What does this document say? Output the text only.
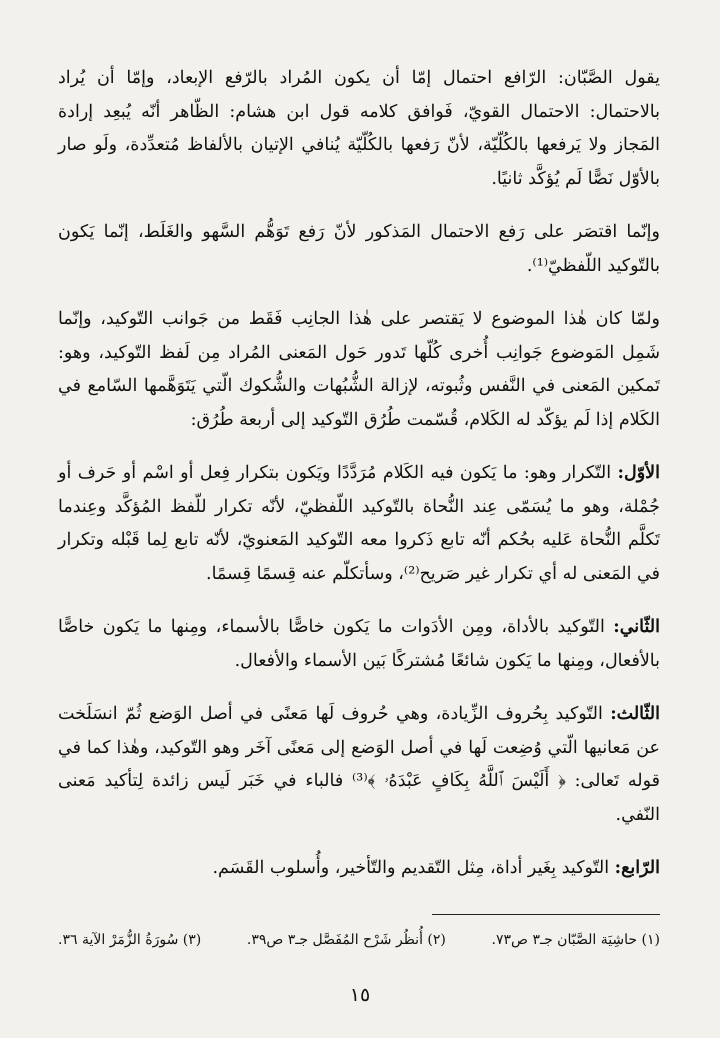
يقول الصَّبّان: الرّافع احتمال إمّا أن يكون المُراد بالرّفع الإبعاد، وإمّا أن يُراد بالاحتمال: الاحتمال القويّ، فَوافق كلامه قول ابن هشام: الظّاهر أنّه يُبعِد إرادة المَجاز ولا يَرفعها بالكُلّيّة، لأنّ رَفعها بالكُلّيّة يُنافي الإتيان بالألفاظ مُتعدِّدة، ولَو صار بالأوّل نَصًّا لَم يُؤكَّد ثانيًا.

وإنّما اقتصَر على رَفع الاحتمال المَذكور لأنّ رَفع تَوَهُّم السَّهو والغَلَط، إنّما يَكون بالتّوكيد اللّفظيّ⁽¹⁾.

ولمّا كان هٰذا الموضوع لا يَقتصر على هٰذا الجانِب فَقَط من جَوانب التّوكيد، وإنّما شَمِل المَوضوع جَوانِب أُخرى كُلّها تَدور حَول المَعنى المُراد مِن لَفظ التّوكيد، وهو: تَمكين المَعنى في النَّفس وثُبوته، لإزالة الشُّبُهات والشُّكوك الّتي يَتَوَهَّمها السّامع في الكَلام إذا لَم يؤكّد له الكَلام، قُسّمت طُرُق التّوكيد إلى أربعة طُرُق:

الأوّل: التّكرار وهو: ما يَكون فيه الكَلام مُرَدَّدًا ويَكون بتكرار فِعل أو اسْم أو حَرف أو جُمْلة، وهو ما يُسَمّى عِند النُّحاة بالتّوكيد اللّفظيّ، لأنّه تكرار للّفظ المُؤكَّد وعِندما تَكلَّم النُّحاة عَليه بحُكم أنّه تابع ذَكروا معه التّوكيد المَعنويّ، لأنّه تابع لِما قَبْله وتكرار في المَعنى له أي تكرار غير صَريح⁽²⁾، وسأتكلّم عنه قِسمًا قِسمًا.

الثّاني: التّوكيد بالأداة، ومِن الأدَوات ما يَكون خاصًّا بالأسماء، ومِنها ما يَكون خاصًّا بالأفعال، ومِنها ما يَكون شائعًا مُشتركًا بَين الأسماء والأفعال.

الثّالث: التّوكيد بِحُروف الزِّيادة، وهي حُروف لَها مَعنًى في أصل الوَضع ثُمّ انسَلَخت عن مَعانيها الّتي وُضِعت لَها في أصل الوَضع إلى مَعنًى آخَر وهو التّوكيد، وهٰذا كما في قوله تَعالى: ﴿ أَلَيْسَ ٱللَّهُ بِكَافٍ عَبْدَهُۥ ﴾⁽³⁾ فالباء في خَبَر لَيس زائدة لِتأكيد مَعنى النّفي.

الرّابع: التّوكيد بِغَير أداة، مِثل التّقديم والتّأخير، وأُسلوب القَسَم.

(١) حاشِيَة الصَّبّان جـ٣ ص٧٣.
(٢) أُنظُر شَرْح المُفَصَّل جـ٣ ص٣٩.
(٣) سُورَةُ الزُّمَرْ الآية ٣٦.
١٥
